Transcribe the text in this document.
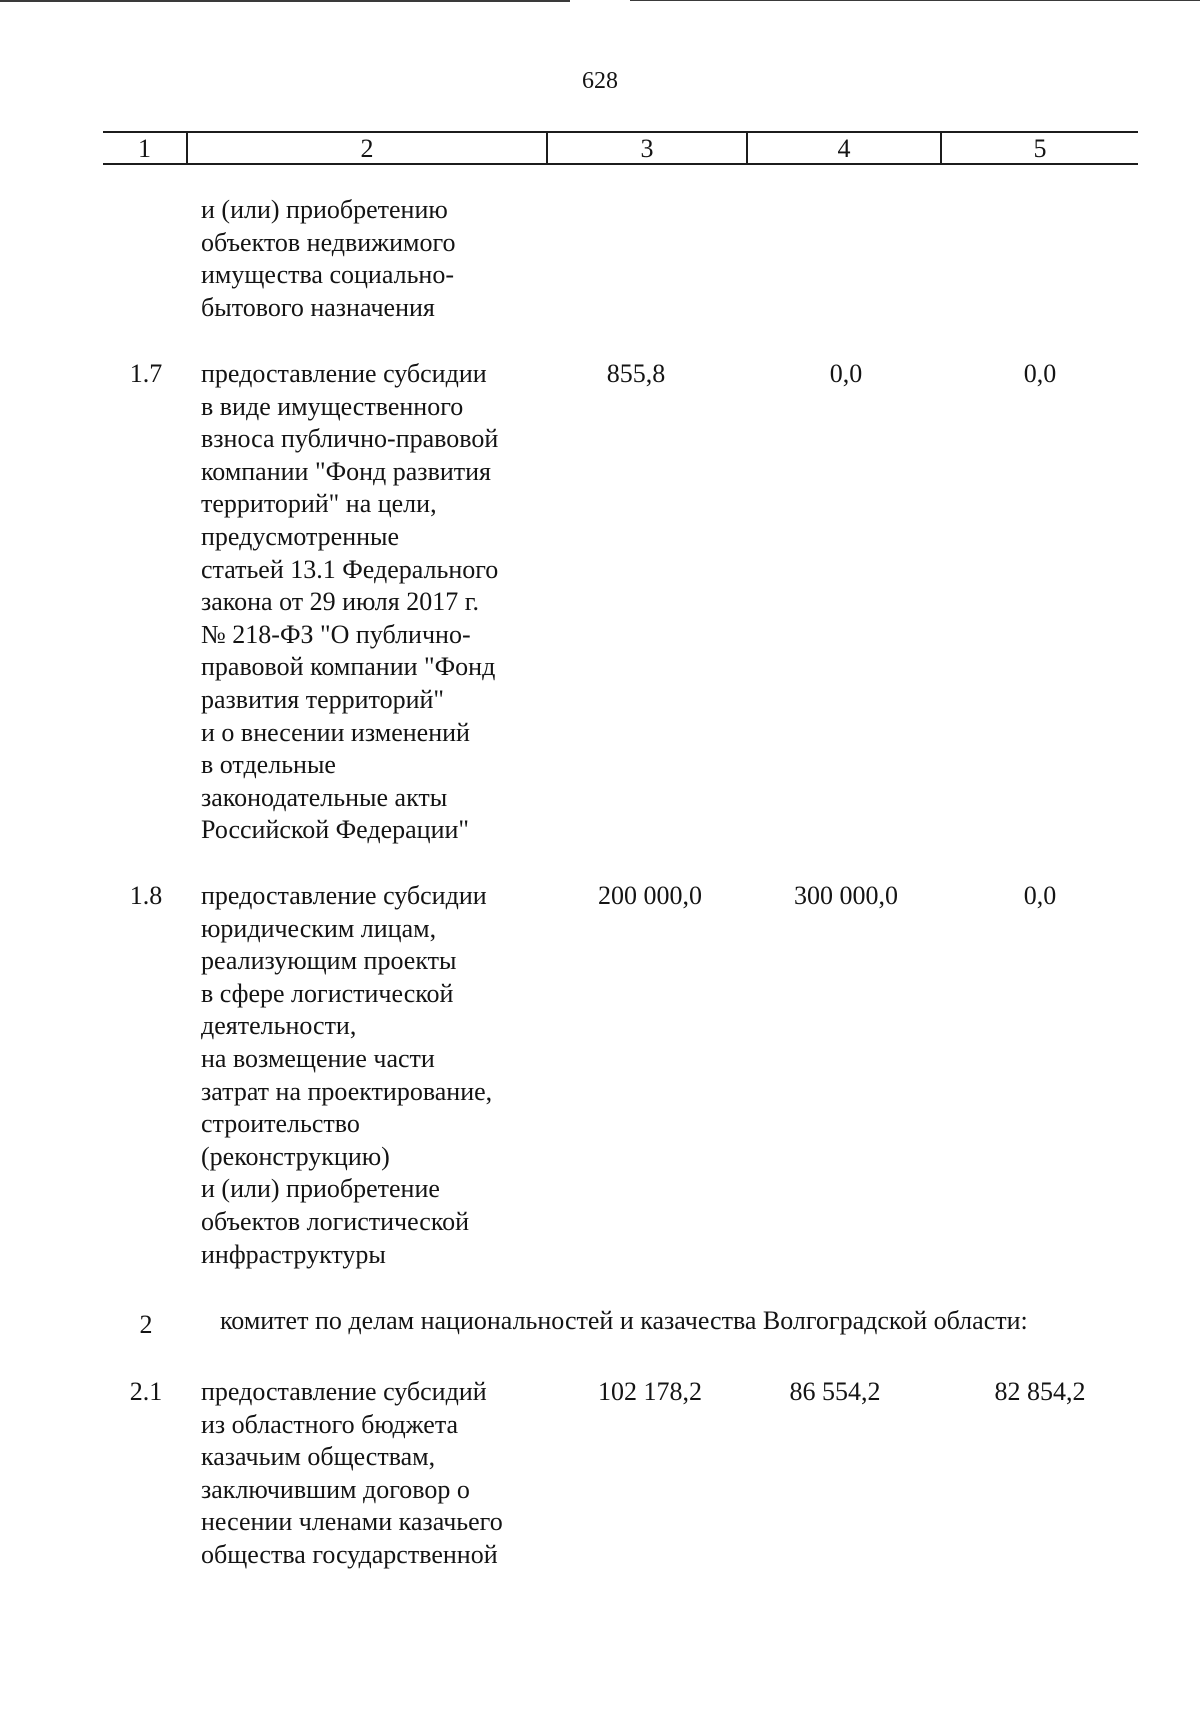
628
1	2	3	4	5
и (или) приобретению
объектов недвижимого
имущества социально-
бытового назначения
1.7	предоставление субсидии
в виде имущественного
взноса публично-правовой
компании "Фонд развития
территорий" на цели,
предусмотренные
статьей 13.1 Федерального
закона от 29 июля 2017 г.
№ 218-ФЗ "О публично-
правовой компании "Фонд
развития территорий"
и о внесении изменений
в отдельные
законодательные акты
Российской Федерации"
855,8	0,0	0,0
1.8	предоставление субсидии
юридическим лицам,
реализующим проекты
в сфере логистической
деятельности,
на возмещение части
затрат на проектирование,
строительство
(реконструкцию)
и (или) приобретение
объектов логистической
инфраструктуры
200 000,0	300 000,0	0,0
2	комитет по делам национальностей и казачества Волгоградской области:
2.1	предоставление субсидий
из областного бюджета
казачьим обществам,
заключившим договор о
несении членами казачьего
общества государственной
102 178,2	86 554,2	82 854,2
